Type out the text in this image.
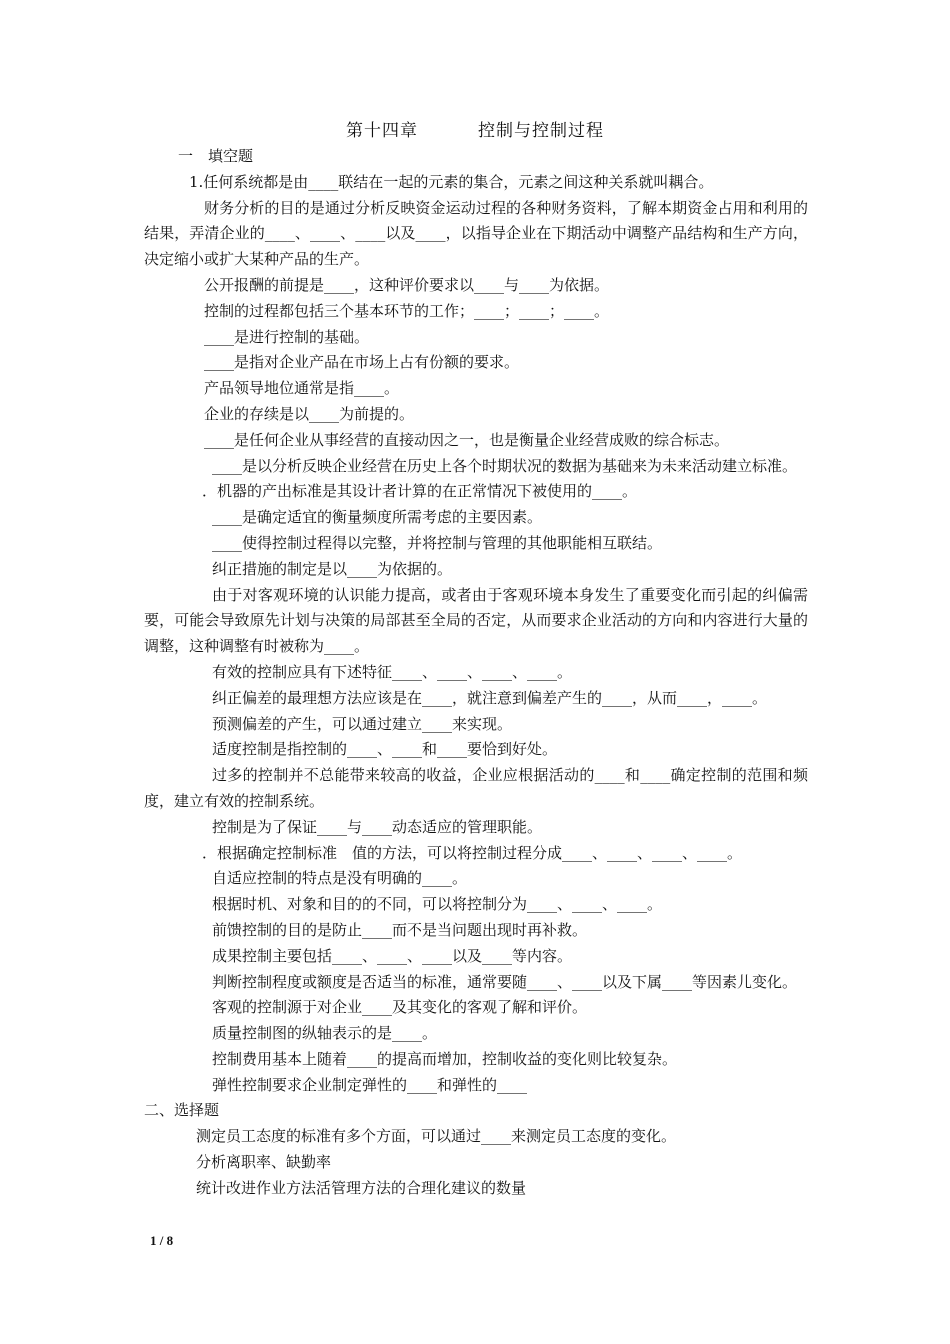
第十四章	控制与控制过程
一　填空题
1.任何系统都是由____联结在一起的元素的集合，元素之间这种关系就叫耦合。
财务分析的目的是通过分析反映资金运动过程的各种财务资料，了解本期资金占用和利用的结果，弄清企业的____、____、____以及____，以指导企业在下期活动中调整产品结构和生产方向，决定缩小或扩大某种产品的生产。
公开报酬的前提是____，这种评价要求以____与____为依据。
控制的过程都包括三个基本环节的工作；____；____；____。
____是进行控制的基础。
____是指对企业产品在市场上占有份额的要求。
产品领导地位通常是指____。
企业的存续是以____为前提的。
____是任何企业从事经营的直接动因之一，也是衡量企业经营成败的综合标志。
____是以分析反映企业经营在历史上各个时期状况的数据为基础来为未来活动建立标准。
．机器的产出标准是其设计者计算的在正常情况下被使用的____。
____是确定适宜的衡量频度所需考虑的主要因素。
____使得控制过程得以完整，并将控制与管理的其他职能相互联结。
纠正措施的制定是以____为依据的。
由于对客观环境的认识能力提高，或者由于客观环境本身发生了重要变化而引起的纠偏需要，可能会导致原先计划与决策的局部甚至全局的否定，从而要求企业活动的方向和内容进行大量的调整，这种调整有时被称为____。
有效的控制应具有下述特征____、____、____、____。
纠正偏差的最理想方法应该是在____，就注意到偏差产生的____，从而____，____。
预测偏差的产生，可以通过建立____来实现。
适度控制是指控制的____、____和____要恰到好处。
过多的控制并不总能带来较高的收益，企业应根据活动的____和____确定控制的范围和频度，建立有效的控制系统。
控制是为了保证____与____动态适应的管理职能。
．根据确定控制标准　值的方法，可以将控制过程分成____、____、____、____。
自适应控制的特点是没有明确的____。
根据时机、对象和目的的不同，可以将控制分为____、____、____。
前馈控制的目的是防止____而不是当问题出现时再补救。
成果控制主要包括____、____、____以及____等内容。
判断控制程度或额度是否适当的标准，通常要随____、____以及下属____等因素儿变化。
客观的控制源于对企业____及其变化的客观了解和评价。
质量控制图的纵轴表示的是____。
控制费用基本上随着____的提高而增加，控制收益的变化则比较复杂。
弹性控制要求企业制定弹性的____和弹性的____
二、选择题
测定员工态度的标准有多个方面，可以通过____来测定员工态度的变化。
分析离职率、缺勤率
统计改进作业方法活管理方法的合理化建议的数量
1 / 8
